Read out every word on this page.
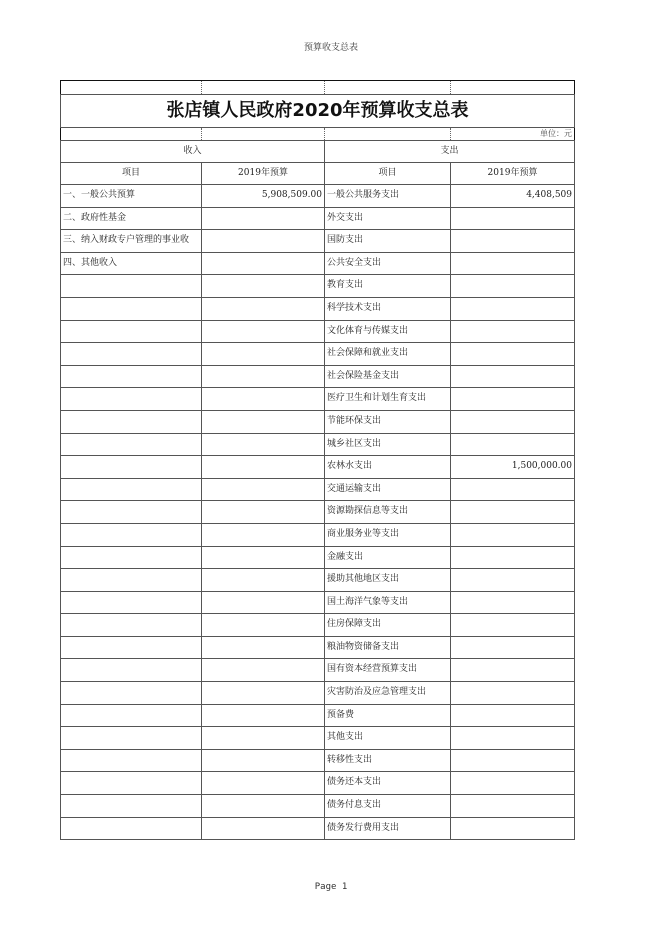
预算收支总表

张店镇人民政府2020年预算收支总表			
			单位：元
收入		支出	
项目	2019年预算	项目	2019年预算
一、一般公共预算	5,908,509.00	一般公共服务支出	4,408,509
二、政府性基金		外交支出	
三、纳入财政专户管理的事业收		国防支出	
四、其他收入		公共安全支出	
		教育支出	
		科学技术支出	
		文化体育与传媒支出	
		社会保障和就业支出	
		社会保险基金支出	
		医疗卫生和计划生育支出	
		节能环保支出	
		城乡社区支出	
		农林水支出	1,500,000.00
		交通运输支出	
		资源勘探信息等支出	
		商业服务业等支出	
		金融支出	
		援助其他地区支出	
		国土海洋气象等支出	
		住房保障支出	
		粮油物资储备支出	
		国有资本经营预算支出	
		灾害防治及应急管理支出	
		预备费	
		其他支出	
		转移性支出	
		债务还本支出	
		债务付息支出	
		债务发行费用支出	
Page 1
